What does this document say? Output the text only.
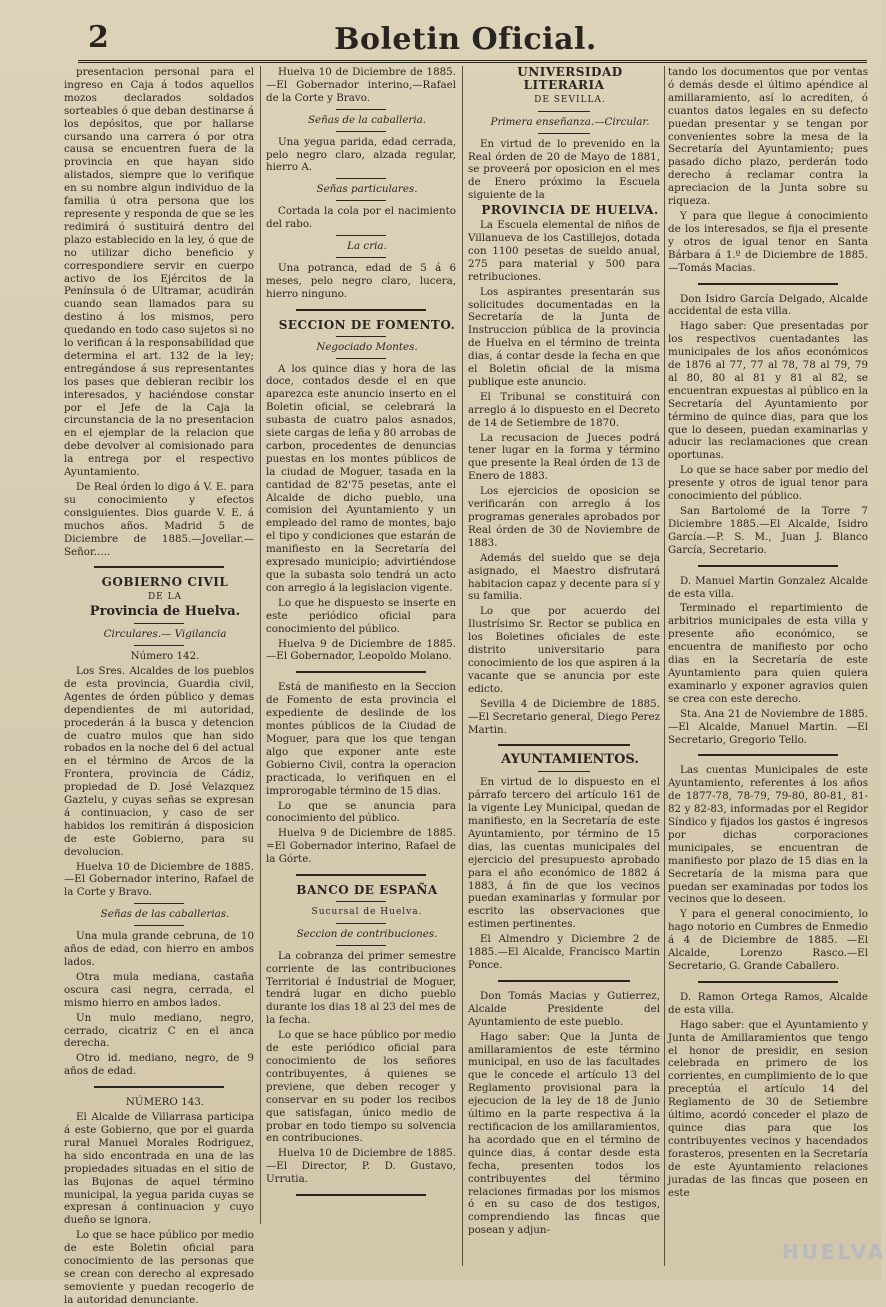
2	Boletin Oficial.

presentacion personal para el ingreso en Caja á todos aquellos mozos declarados soldados sorteables ó que deban destinarse á los depósitos, que por hallarse cursando una carrera ó por otra causa se encuentren fuera de la provincia en que hayan sido alistados, siempre que lo verifique en su nombre algun individuo de la familia ú otra persona que los represente y responda de que se les redimirá ó sustituirá dentro del plazo establecido en la ley, ó que de no utilizar dicho beneficio y correspondiere servir en cuerpo activo de los Ejércitos de la Península ó de Ultramar, acudirán cuando sean llamados para su destino á los mismos, pero quedando en todo caso sujetos si no lo verifican á la responsabilidad que determina el art. 132 de la ley; entregándose á sus representantes los pases que debieran recibir los interesados, y haciéndose constar por el Jefe de la Caja la circunstancia de la no presentacion en el ejemplar de la relacion que debe devolver al comisionado para la entrega por el respectivo Ayuntamiento.

De Real órden lo digo á V. E. para su conocimiento y efectos consiguientes. Dios guarde V. E. á muchos años. Madrid 5 de Diciembre de 1885.—Jovellar.—Señor.....

GOBIERNO CIVIL

DE LA

Provincia de Huelva.

Circulares.— Vigilancia

Número 142.

Los Sres. Alcaldes de los pueblos de esta provincia, Guardia civil, Agentes de órden público y demas dependientes de mi autoridad, procederán á la busca y detencion de cuatro mulos que han sido robados en la noche del 6 del actual en el término de Arcos de la Frontera, provincia de Cádiz, propiedad de D. José Velazquez Gaztelu, y cuyas señas se expresan á continuacion, y caso de ser habidos los remitirán á disposicion de este Gobierno, para su devolucion.

Huelva 10 de Diciembre de 1885. —El Gobernador interino, Rafael de la Corte y Bravo.

Señas de las caballerias.

Una mula grande cebruna, de 10 años de edad, con hierro en ambos lados.

Otra mula mediana, castaña oscura casi negra, cerrada, el mismo hierro en ambos lados.

Un mulo mediano, negro, cerrado, cicatriz C en el anca derecha.

Otro id. mediano, negro, de 9 años de edad.

NÚMERO 143.

El Alcalde de Villarrasa participa á este Gobierno, que por el guarda rural Manuel Morales Rodriguez, ha sido encontrada en una de las propiedades situadas en el sitio de las Bujonas de aquel término municipal, la yegua parida cuyas se expresan á continuacion y cuyo dueño se ignora.

Lo que se hace público por medio de este Boletin oficial para conocimiento de las personas que se crean con derecho al expresado semoviente y puedan recogerlo de la autoridad denunciante.

Huelva 10 de Diciembre de 1885. —El Gobernador interino,—Rafael de la Corte y Bravo.

Señas de la caballeria.

Una yegua parida, edad cerrada, pelo negro claro, alzada regular, hierro A.

Señas particulares.

Cortada la cola por el nacimiento del rabo.

La cria.

Una potranca, edad de 5 á 6 meses, pelo negro claro, lucera, hierro ninguno.

SECCION DE FOMENTO.

Negociado Montes.

A los quince dias y hora de las doce, contados desde el en que aparezca este anuncio inserto en el Boletin oficial, se celebrará la subasta de cuatro palos asnados, siete cargas de leña y 80 arrobas de carbon, procedentes de denuncias puestas en los montes públicos de la ciudad de Moguer, tasada en la cantidad de 82'75 pesetas, ante el Alcalde de dicho pueblo, una comision del Ayuntamiento y un empleado del ramo de montes, bajo el tipo y condiciones que estarán de manifiesto en la Secretaría del expresado municipio; advirtiéndose que la subasta solo tendrá un acto con arreglo á la legislacion vigente.

Lo que he dispuesto se inserte en este periódico oficial para conocimiento del público.

Huelva 9 de Diciembre de 1885. —El Gobernador, Leopoldo Molano.

Está de manifiesto en la Seccion de Fomento de esta provincia el expediente de deslinde de los montes públicos de la Ciudad de Moguer, para que los que tengan algo que exponer ante este Gobierno Civil, contra la operacion practicada, lo verifiquen en el improrogable término de 15 dias.

Lo que se anuncia para conocimiento del público.

Huelva 9 de Diciembre de 1885. =El Gobernador interino, Rafael de la Górte.

BANCO DE ESPAÑA

Sucursal de Huelva.

Seccion de contribuciones.

La cobranza del primer semestre corriente de las contribuciones Territorial é Industrial de Moguer, tendrá lugar en dicho pueblo durante los dias 18 al 23 del mes de la fecha.

Lo que se hace público por medio de este periódico oficial para conocimiento de los señores contribuyentes, á quienes se previene, que deben recoger y conservar en su poder los recibos que satisfagan, único medio de probar en todo tiempo su solvencia en contribuciones.

Huelva 10 de Diciembre de 1885. —El Director, P. D. Gustavo, Urrutia.

UNIVERSIDAD LITERARIA

DE SEVILLA.

Primera enseñanza.—Circular.

En virtud de lo prevenido en la Real órden de 20 de Mayo de 1881, se proveerá por oposicion en el mes de Enero próximo la Escuela siguiente de la

PROVINCIA DE HUELVA.

La Escuela elemental de niños de Villanueva de los Castillejos, dotada con 1100 pesetas de sueldo anual, 275 para material y 500 para retribuciones.

Los aspirantes presentarán sus solicitudes documentadas en la Secretaría de la Junta de Instruccion pública de la provincia de Huelva en el término de treinta dias, á contar desde la fecha en que el Boletin oficial de la misma publique este anuncio.

El Tribunal se constituirá con arreglo á lo dispuesto en el Decreto de 14 de Setiembre de 1870.

La recusacion de Jueces podrá tener lugar en la forma y término que presente la Real órden de 13 de Enero de 1883.

Los ejercicios de oposicion se verificarán con arreglo á los programas generales aprobados por Real órden de 30 de Noviembre de 1883.

Además del sueldo que se deja asignado, el Maestro disfrutará habitacion capaz y decente para sí y su familia.

Lo que por acuerdo del Ilustrísimo Sr. Rector se publica en los Boletines oficiales de este distrito universitario para conocimiento de los que aspiren á la vacante que se anuncia por este edicto.

Sevilla 4 de Diciembre de 1885. —El Secretario general, Diego Perez Martin.

AYUNTAMIENTOS.

En virtud de lo dispuesto en el párrafo tercero del artículo 161 de la vigente Ley Municipal, quedan de manifiesto, en la Secretaría de este Ayuntamiento, por término de 15 dias, las cuentas municipales del ejercicio del presupuesto aprobado para el año económico de 1882 á 1883, á fin de que los vecinos puedan examinarlas y formular por escrito las observaciones que estimen pertinentes.

El Almendro y Diciembre 2 de 1885.—El Alcalde, Francisco Martin Ponce.

Don Tomás Macias y Gutierrez, Alcalde Presidente del Ayuntamiento de este pueblo.

Hago saber: Que la Junta de amillaramientos de este término municipal, en uso de las facultades que le concede el artículo 13 del Reglamento provisional para la ejecucion de la ley de 18 de Junio último en la parte respectiva á la rectificacion de los amillaramientos, ha acordado que en el término de quince dias, á contar desde esta fecha, presenten todos los contribuyentes del término relaciones firmadas por los mismos ó en su caso de dos testigos, comprendiendo las fincas que posean y adjun-

tando los documentos que por ventas ó demás desde el último apéndice al amillaramiento, así lo acrediten, ó cuantos datos legales en su defecto puedan presentar y se tengan por convenientes sobre la mesa de la Secretaría del Ayuntamiento; pues pasado dicho plazo, perderán todo derecho á reclamar contra la apreciacion de la Junta sobre su riqueza.

Y para que llegue á conocimiento de los interesados, se fija el presente y otros de igual tenor en Santa Bárbara á 1.º de Diciembre de 1885.—Tomás Macias.

Don Isidro García Delgado, Alcalde accidental de esta villa.

Hago saber: Que presentadas por los respectivos cuentadantes las municipales de los años económicos de 1876 al 77, 77 al 78, 78 al 79, 79 al 80, 80 al 81 y 81 al 82, se encuentran expuestas al público en la Secretaría del Ayuntamiento por término de quince dias, para que los que lo deseen, puedan examinarlas y aducir las reclamaciones que crean oportunas.

Lo que se hace saber por medio del presente y otros de igual tenor para conocimiento del público.

San Bartolomé de la Torre 7 Diciembre 1885.—El Alcalde, Isidro García.—P. S. M., Juan J. Blanco García, Secretario.

D. Manuel Martin Gonzalez Alcalde de esta villa.

Terminado el repartimiento de arbitrios municipales de esta villa y presente año económico, se encuentra de manifiesto por ocho dias en la Secretaría de este Ayuntamiento para quien quiera examinarlo y exponer agravios quien se crea con este derecho.

Sta. Ana 21 de Noviembre de 1885.—El Alcalde, Manuel Martin. —El Secretario, Gregorio Tello.

Las cuentas Municipales de este Ayuntamiento, referentes á los años de 1877-78, 78-79, 79-80, 80-81, 81-82 y 82-83, informadas por el Regidor Síndico y fijados los gastos é ingresos por dichas corporaciones municipales, se encuentran de manifiesto por plazo de 15 dias en la Secretaría de la misma para que puedan ser examinadas por todos los vecinos que lo deseen.

Y para el general conocimiento, lo hago notorio en Cumbres de Enmedio á 4 de Diciembre de 1885. —El Alcalde, Lorenzo Rasco.—El Secretario, G. Grande Caballero.

D. Ramon Ortega Ramos, Alcalde de esta villa.

Hago saber: que el Ayuntamiento y Junta de Amillaramientos que tengo el honor de presidir, en sesion celebrada en primero de los corrientes, en cumplimiento de lo que preceptúa el artículo 14 del Reglamento de 30 de Setiembre último, acordó conceder el plazo de quince dias para que los contribuyentes vecinos y hacendados forasteros, presenten en la Secretaría de este Ayuntamiento relaciones juradas de las fincas que poseen en este

HUELVA
